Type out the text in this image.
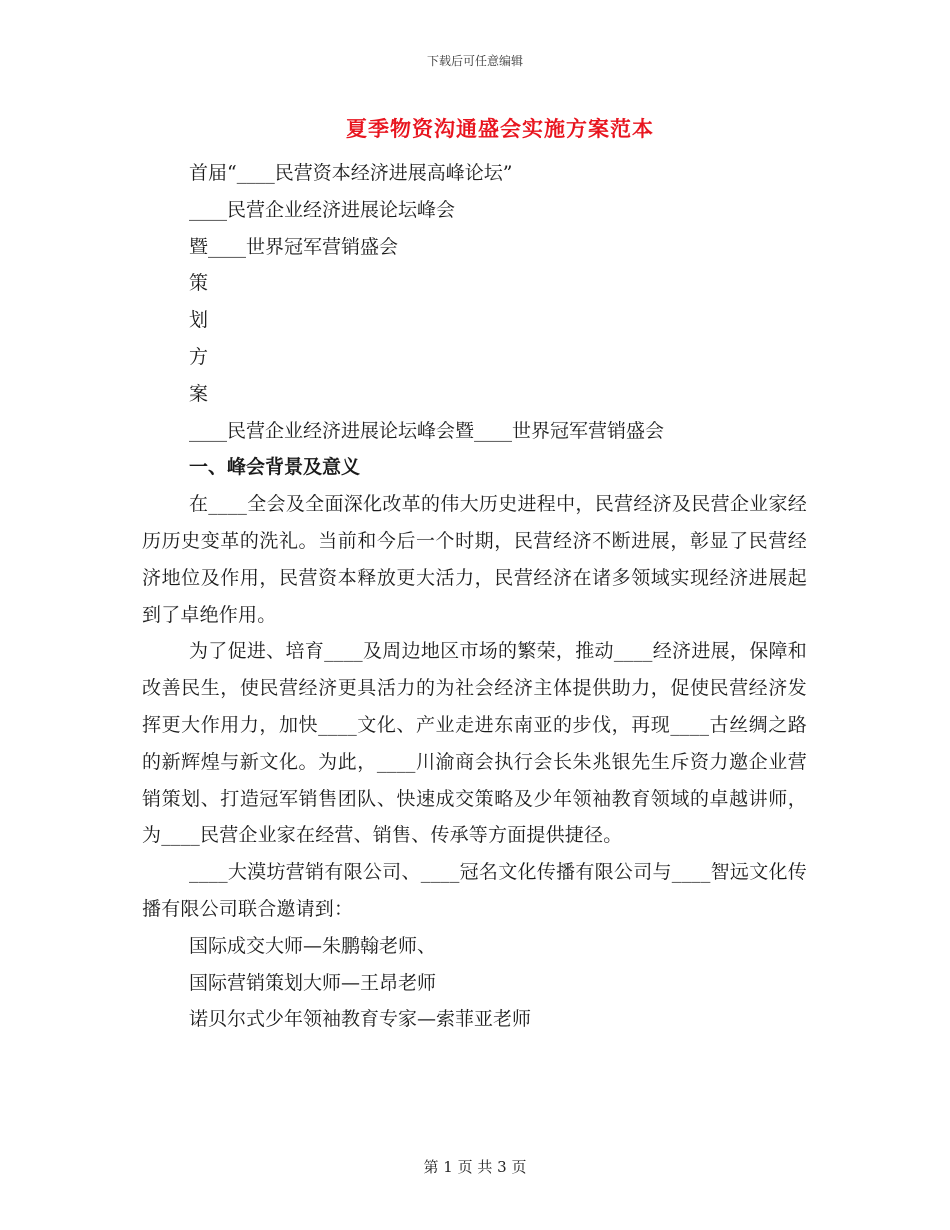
下载后可任意编辑
夏季物资沟通盛会实施方案范本

首届“____民营资本经济进展高峰论坛”

____民营企业经济进展论坛峰会

暨____世界冠军营销盛会

策

划

方

案

____民营企业经济进展论坛峰会暨____世界冠军营销盛会

一、峰会背景及意义

在____全会及全面深化改革的伟大历史进程中，民营经济及民营企业家经历历史变革的洗礼。当前和今后一个时期，民营经济不断进展，彰显了民营经济地位及作用，民营资本释放更大活力，民营经济在诸多领域实现经济进展起到了卓绝作用。

为了促进、培育____及周边地区市场的繁荣，推动____经济进展，保障和改善民生，使民营经济更具活力的为社会经济主体提供助力，促使民营经济发挥更大作用力，加快____文化、产业走进东南亚的步伐，再现____古丝绸之路的新辉煌与新文化。为此，____川渝商会执行会长朱兆银先生斥资力邀企业营销策划、打造冠军销售团队、快速成交策略及少年领袖教育领域的卓越讲师，为____民营企业家在经营、销售、传承等方面提供捷径。

____大漠坊营销有限公司、____冠名文化传播有限公司与____智远文化传播有限公司联合邀请到：

国际成交大师—朱鹏翰老师、

国际营销策划大师—王昂老师

诺贝尔式少年领袖教育专家—索菲亚老师

第 1 页 共 3 页
